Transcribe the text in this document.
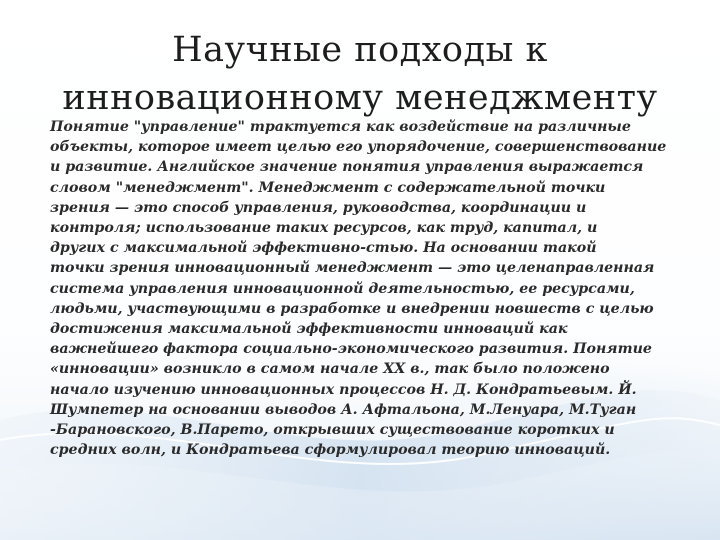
Научные подходы к
инновационному менеджменту
Понятие "управление" трактуется как воздействие на различные
объекты, которое имеет целью его упорядочение, совершенствование
и развитие. Английское значение понятия управления выражается
словом "менеджмент". Менеджмент с содержательной точки
зрения — это способ управления, руководства, координации и
контроля; использование таких ресурсов, как труд, капитал, и
других с максимальной эффективно-стью. На основании такой
точки зрения инновационный менеджмент — это целенаправленная
система управления инновационной деятельностью, ее ресурсами,
людьми, участвующими в разработке и внедрении новшеств с целью
достижения максимальной эффективности инноваций как
важнейшего фактора социально-экономического развития. Понятие
«инновации» возникло в самом начале XX в., так было положено
начало изучению инновационных процессов Н. Д. Кондратьевым. Й.
Шумпетер на основании выводов А. Афтальона, М.Ленуара, М.Туган
-Барановского, В.Парето, открывших существование коротких и
средних волн, и Кондратьева сформулировал теорию инноваций.
